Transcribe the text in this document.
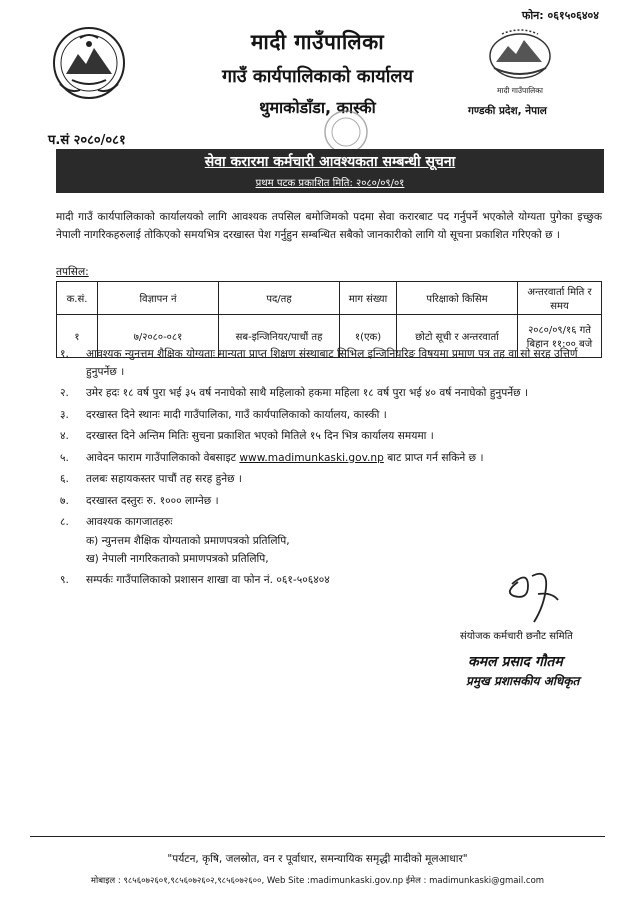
फोन: ०६१५०६४०४
मादी गाउँपालिका
गण्डकी प्रदेश, नेपाल
मादी गाउँपालिका
गाउँ कार्यपालिकाको कार्यालय
थुमाकोडाँडा, कास्की
प.सं २०८०/०८१
सेवा करारमा कर्मचारी आवश्यकता सम्बन्धी सूचना
प्रथम पटक प्रकाशित मिति: २०८०/०९/०१
मादी गाउँ कार्यपालिकाको कार्यालयको लागि आवश्यक तपसिल बमोजिमको पदमा सेवा करारबाट पद गर्नुपर्ने भएकोले योग्यता पुगेका इच्छुक नेपाली नागरिकहरुलाई तोकिएको समयभित्र दरखास्त पेश गर्नुहुन सम्बन्धित सबैको जानकारीको लागि यो सूचना प्रकाशित गरिएको छ ।
तपसिल:
क.सं.	विज्ञापन नं	पद/तह	माग संख्या	परिक्षाको किसिम	अन्तरवार्ता मिति र समय
१	७/२०८०-०८१	सब-इन्जिनियर/पाचौं तह	१(एक)	छोटो सूची र अन्तरवार्ता	२०८०/०९/१६ गते
बिहान ११:०० बजे
१. आवश्यक न्युनत्तम शैक्षिक योग्यताः मान्यता प्राप्त शिक्षण संस्थाबाट सिभिल इन्जिनियरिङ विषयमा प्रमाण पत्र तह वा सो सरह उत्तिर्ण हुनुपर्नेछ ।
२. उमेर हदः १८ वर्ष पुरा भई ३५ वर्ष ननाघेको साथै महिलाको हकमा महिला १८ वर्ष पुरा भई ४० वर्ष ननाघेको हुनुपर्नेछ ।
३. दरखास्त दिने स्थानः मादी गाउँपालिका, गाउँ कार्यपालिकाको कार्यालय, कास्की ।
४. दरखास्त दिने अन्तिम मितिः सुचना प्रकाशित भएको मितिले १५ दिन भित्र कार्यालय समयमा ।
५. आवेदन फाराम गाउँपालिकाको वेबसाइट www.madimunkaski.gov.np बाट प्राप्त गर्न सकिने छ ।
६. तलबः सहायकस्तर पाचौं तह सरह हुनेछ ।
७. दरखास्त दस्तुरः रु. १००० लाग्नेछ ।
८. आवश्यक कागजातहरुः
क) न्युनत्तम शैक्षिक योग्यताको प्रमाणपत्रको प्रतिलिपि,
ख) नेपाली नागरिकताको प्रमाणपत्रको प्रतिलिपि,
९. सम्पर्कः गाउँपालिकाको प्रशासन शाखा वा फोन नं. ०६१-५०६४०४
संयोजक कर्मचारी छनौट समिति
कमल प्रसाद गौतम
प्रमुख प्रशासकीय अधिकृत
"पर्यटन, कृषि, जलस्रोत, वन र पूर्वाधार, समन्यायिक समृद्धी मादीको मूलआधार"
मोबाइल : ९८५६०७२६०१,९८५६०७२६०२,९८५६०७२६००, Web Site :madimunkaski.gov.np ईमेल : madimunkaski@gmail.com
